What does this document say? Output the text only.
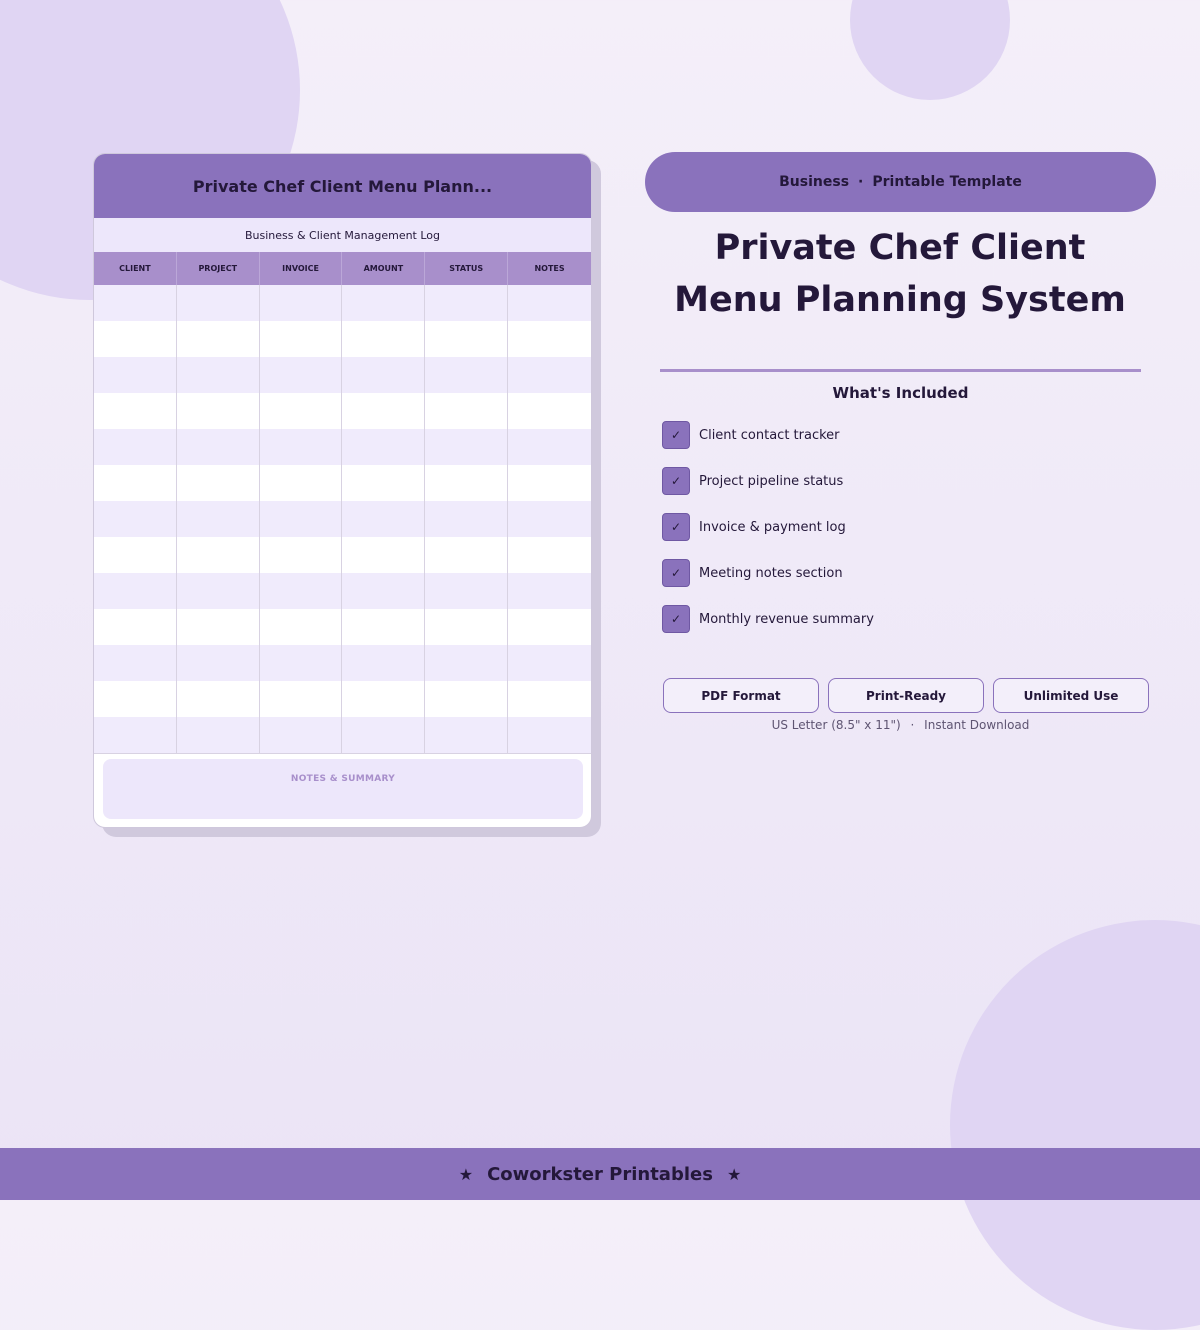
Private Chef Client Menu Plann...
Business & Client Management Log
CLIENT	PROJECT	INVOICE	AMOUNT	STATUS	NOTES
NOTES & SUMMARY
Business · Printable Template
Private Chef Client
Menu Planning System
What's Included
✓	Client contact tracker
✓	Project pipeline status
✓	Invoice & payment log
✓	Meeting notes section
✓	Monthly revenue summary
PDF Format	Print-Ready	Unlimited Use
US Letter (8.5" x 11") · Instant Download
★ Coworkster Printables ★
